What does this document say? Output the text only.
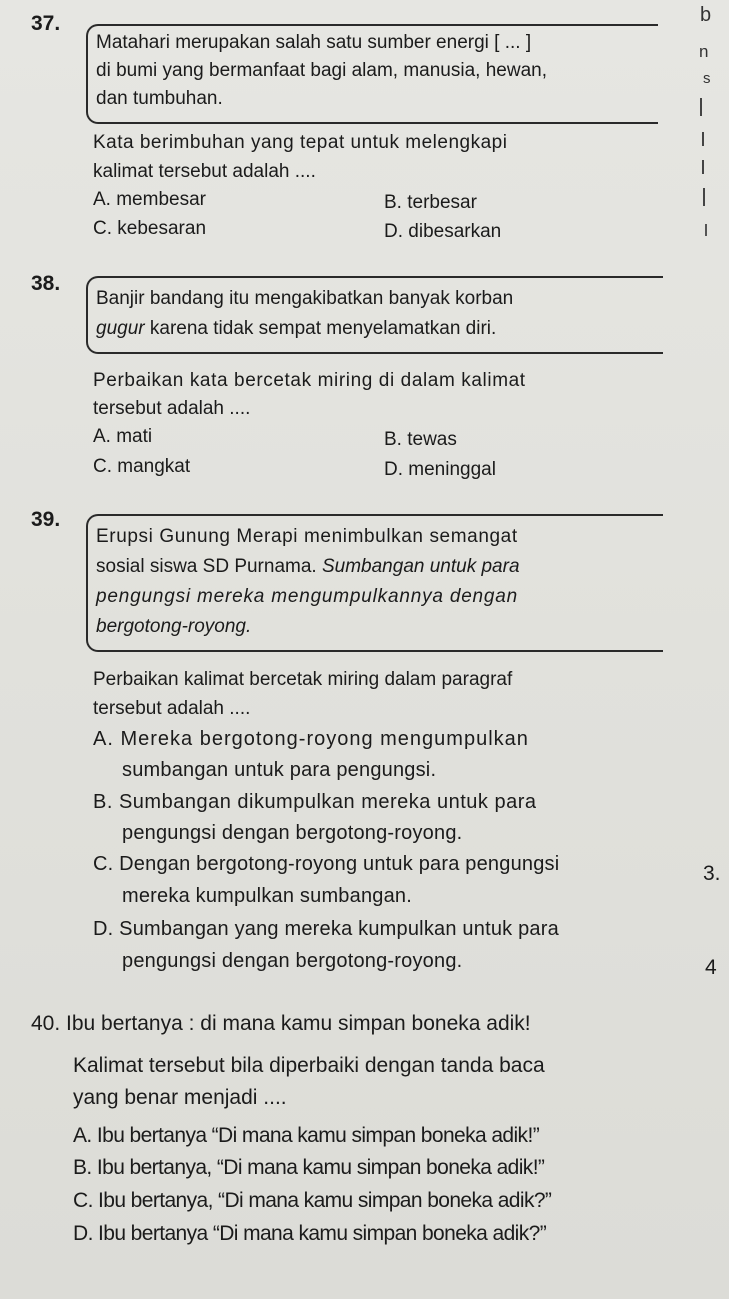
b
n
s
37.
Matahari merupakan salah satu sumber energi [ ... ]
di bumi yang bermanfaat bagi alam, manusia, hewan,
dan tumbuhan.
Kata berimbuhan yang tepat untuk melengkapi
kalimat tersebut adalah ....
A. membesar	B. terbesar
C. kebesaran	D. dibesarkan
38.
Banjir bandang itu mengakibatkan banyak korban
gugur karena tidak sempat menyelamatkan diri.
Perbaikan kata bercetak miring di dalam kalimat
tersebut adalah ....
A. mati	B. tewas
C. mangkat	D. meninggal
39.
Erupsi Gunung Merapi menimbulkan semangat
sosial siswa SD Purnama. Sumbangan untuk para
pengungsi mereka mengumpulkannya dengan
bergotong-royong.
Perbaikan kalimat bercetak miring dalam paragraf
tersebut adalah ....
A. Mereka bergotong-royong mengumpulkan
sumbangan untuk para pengungsi.
B. Sumbangan dikumpulkan mereka untuk para
pengungsi dengan bergotong-royong.
C. Dengan bergotong-royong untuk para pengungsi
mereka kumpulkan sumbangan.
D. Sumbangan yang mereka kumpulkan untuk para
pengungsi dengan bergotong-royong.
3.
4
40. Ibu bertanya : di mana kamu simpan boneka adik!
Kalimat tersebut bila diperbaiki dengan tanda baca
yang benar menjadi ....
A. Ibu bertanya “Di mana kamu simpan boneka adik!”
B. Ibu bertanya, “Di mana kamu simpan boneka adik!”
C. Ibu bertanya, “Di mana kamu simpan boneka adik?”
D. Ibu bertanya “Di mana kamu simpan boneka adik?”
